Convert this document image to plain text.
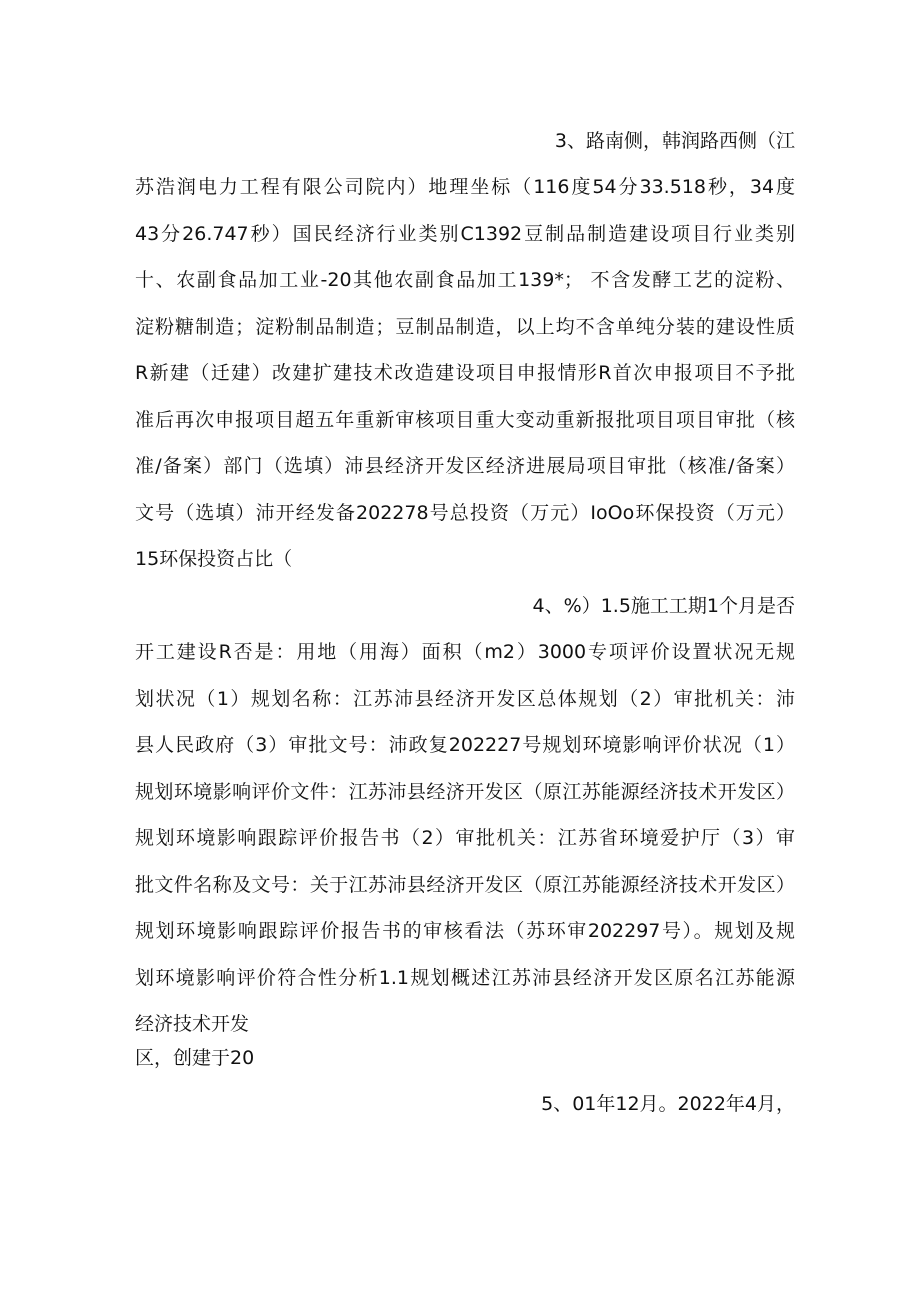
3、路南侧，韩润路西侧（江

苏浩润电力工程有限公司院内）地理坐标（116度54分33.518秒，34度

43分26.747秒）国民经济行业类别C1392豆制品制造建设项目行业类别

十、农副食品加工业-20其他农副食品加工139*； 不含发酵工艺的淀粉、

淀粉糖制造；淀粉制品制造；豆制品制造，以上均不含单纯分装的建设性质

R新建（迁建）改建扩建技术改造建设项目申报情形R首次申报项目不予批

准后再次申报项目超五年重新审核项目重大变动重新报批项目项目审批（核

准/备案）部门（选填）沛县经济开发区经济进展局项目审批（核准/备案）

文号（选填）沛开经发备202278号总投资（万元）IoOo环保投资（万元）

15环保投资占比（

4、%）1.5施工工期1个月是否

开工建设R否是：用地（用海）面积（m2）3000专项评价设置状况无规

划状况（1）规划名称：江苏沛县经济开发区总体规划（2）审批机关：沛

县人民政府（3）审批文号：沛政复202227号规划环境影响评价状况（1）

规划环境影响评价文件：江苏沛县经济开发区（原江苏能源经济技术开发区）

规划环境影响跟踪评价报告书（2）审批机关：江苏省环境爱护厅（3）审

批文件名称及文号：关于江苏沛县经济开发区（原江苏能源经济技术开发区）

规划环境影响跟踪评价报告书的审核看法（苏环审202297号）。规划及规

划环境影响评价符合性分析1.1规划概述江苏沛县经济开发区原名江苏能源

经济技术开发

区，创建于20

5、01年12月。2022年4月，
